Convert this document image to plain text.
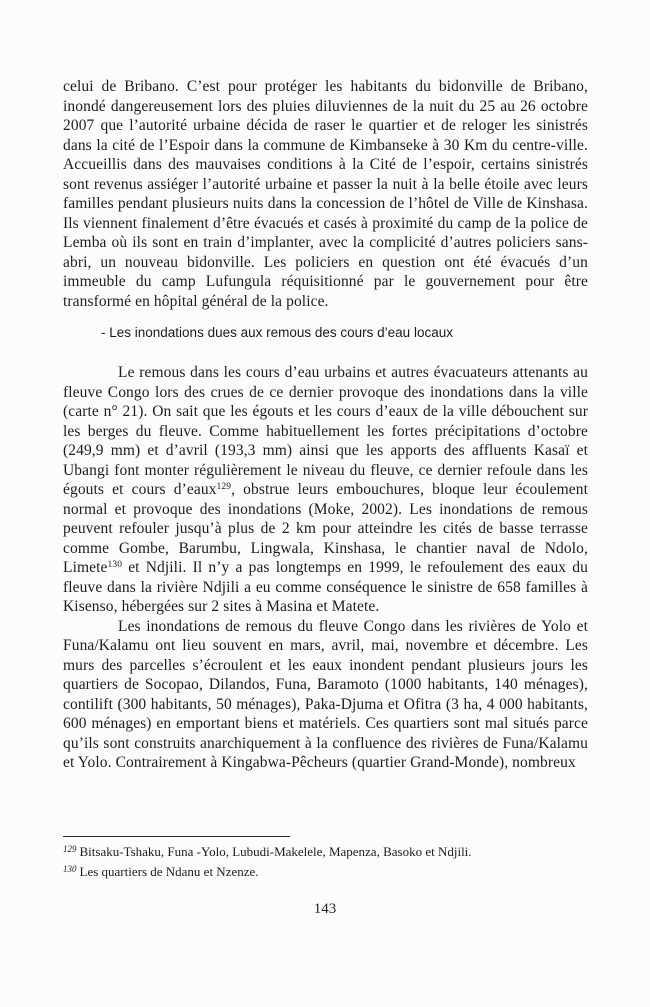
celui de Bribano. C’est pour protéger les habitants du bidonville de Bribano, inondé dangereusement lors des pluies diluviennes de la nuit du 25 au 26 octobre 2007 que l’autorité urbaine décida de raser le quartier et de reloger les sinistrés dans la cité de l’Espoir dans la commune de Kimbanseke à 30 Km du centre-ville. Accueillis dans des mauvaises conditions à la Cité de l’espoir, certains sinistrés sont revenus assiéger l’autorité urbaine et passer la nuit à la belle étoile avec leurs familles pendant plusieurs nuits dans la concession de l’hôtel de Ville de Kinshasa. Ils viennent finalement d’être évacués et casés à proximité du camp de la police de Lemba où ils sont en train d’implanter, avec la complicité d’autres policiers sans-abri, un nouveau bidonville. Les policiers en question ont été évacués d’un immeuble du camp Lufungula réquisitionné par le gouvernement pour être transformé en hôpital général de la police.

- Les inondations dues aux remous des cours d’eau locaux

Le remous dans les cours d’eau urbains et autres évacuateurs attenants au fleuve Congo lors des crues de ce dernier provoque des inondations dans la ville (carte n° 21). On sait que les égouts et les cours d’eaux de la ville débouchent sur les berges du fleuve. Comme habituellement les fortes précipitations d’octobre (249,9 mm) et d’avril (193,3 mm) ainsi que les apports des affluents Kasaï et Ubangi font monter régulièrement le niveau du fleuve, ce dernier refoule dans les égouts et cours d’eaux$^{129}$, obstrue leurs embouchures, bloque leur écoulement normal et provoque des inondations (Moke, 2002). Les inondations de remous peuvent refouler jusqu’à plus de 2 km pour atteindre les cités de basse terrasse comme Gombe, Barumbu, Lingwala, Kinshasa, le chantier naval de Ndolo, Limete$^{130}$ et Ndjili. Il n’y a pas longtemps en 1999, le refoulement des eaux du fleuve dans la rivière Ndjili a eu comme conséquence le sinistre de 658 familles à Kisenso, hébergées sur 2 sites à Masina et Matete.

Les inondations de remous du fleuve Congo dans les rivières de Yolo et Funa/Kalamu ont lieu souvent en mars, avril, mai, novembre et décembre. Les murs des parcelles s’écroulent et les eaux inondent pendant plusieurs jours les quartiers de Socopao, Dilandos, Funa, Baramoto (1000 habitants, 140 ménages), contilift (300 habitants, 50 ménages), Paka-Djuma et Ofitra (3 ha, 4 000 habitants, 600 ménages) en emportant biens et matériels. Ces quartiers sont mal situés parce qu’ils sont construits anarchiquement à la confluence des rivières de Funa/Kalamu et Yolo. Contrairement à Kingabwa-Pêcheurs (quartier Grand-Monde), nombreux

$^{129}$ Bitsaku-Tshaku, Funa -Yolo, Lubudi-Makelele, Mapenza, Basoko et Ndjili.
$^{130}$ Les quartiers de Ndanu et Nzenze.
143
